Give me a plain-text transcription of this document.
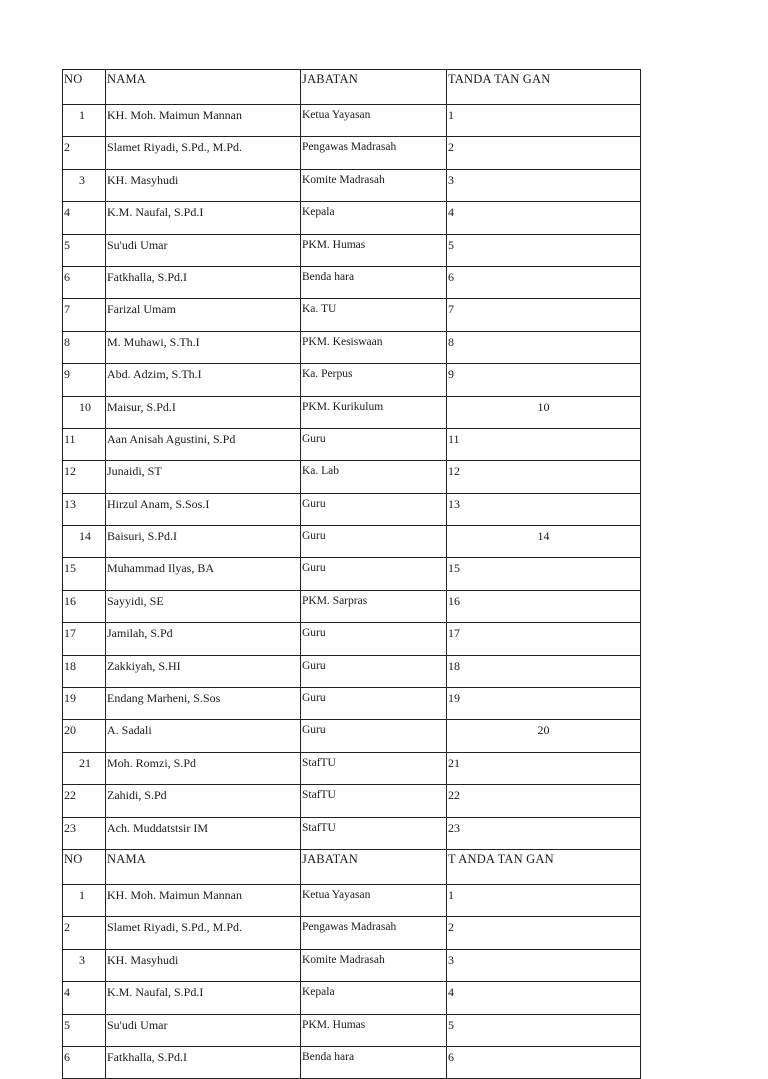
NO	NAMA	JABATAN	TANDA TAN GAN
1	KH. Moh. Maimun Mannan	Ketua Yayasan	1
2	Slamet Riyadi, S.Pd., M.Pd.	Pengawas Madrasah	2
3	KH. Masyhudi	Komite Madrasah	3
4	K.M. Naufal, S.Pd.I	Kepala	4
5	Su'udi Umar	PKM. Humas	5
6	Fatkhalla, S.Pd.I	Benda hara	6
7	Farizal Umam	Ka. TU	7
8	M. Muhawi, S.Th.I	PKM. Kesiswaan	8
9	Abd. Adzim, S.Th.I	Ka. Perpus	9
10	Maisur, S.Pd.I	PKM. Kurikulum	10
11	Aan Anisah Agustini, S.Pd	Guru	11
12	Junaidi, ST	Ka. Lab	12
13	Hirzul Anam, S.Sos.I	Guru	13
14	Baisuri, S.Pd.I	Guru	14
15	Muhammad Ilyas, BA	Guru	15
16	Sayyidi, SE	PKM. Sarpras	16
17	Jamilah, S.Pd	Guru	17
18	Zakkiyah, S.HI	Guru	18
19	Endang Marheni, S.Sos	Guru	19
20	A. Sadali	Guru	20
21	Moh. Romzi, S.Pd	StafTU	21
22	Zahidi, S.Pd	StafTU	22
23	Ach. Muddatstsir IM	StafTU	23
NO	NAMA	JABATAN	T ANDA TAN GAN
1	KH. Moh. Maimun Mannan	Ketua Yayasan	1
2	Slamet Riyadi, S.Pd., M.Pd.	Pengawas Madrasah	2
3	KH. Masyhudi	Komite Madrasah	3
4	K.M. Naufal, S.Pd.I	Kepala	4
5	Su'udi Umar	PKM. Humas	5
6	Fatkhalla, S.Pd.I	Benda hara	6
